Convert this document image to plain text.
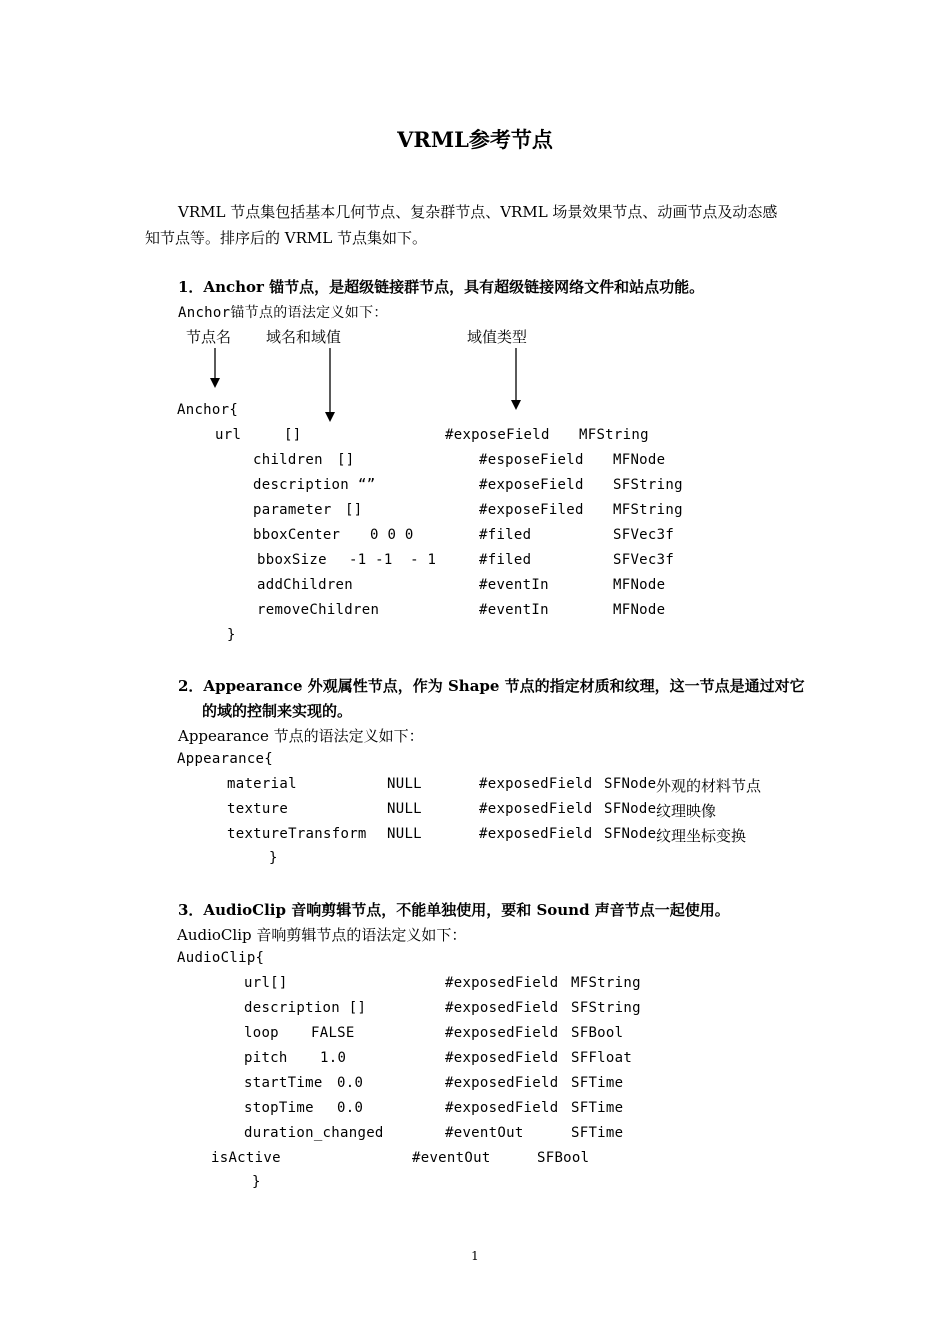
VRML参考节点
VRML 节点集包括基本几何节点、复杂群节点、VRML 场景效果节点、动画节点及动态感
知节点等。排序后的 VRML 节点集如下。
1．Anchor 锚节点，是超级链接群节点，具有超级链接网络文件和站点功能。
Anchor锚节点的语法定义如下：
节点名 域名和域值	域值类型
Anchor{
url	[]	#exposeField MFString
children []	#esposeField MFNode
description “”	#exposeField SFString
parameter []	#exposeFiled MFString
bboxCenter 0 0 0	#filed	SFVec3f
bboxSize -1 -1  - 1	#filed	SFVec3f
addChildren	#eventIn	MFNode
removeChildren	#eventIn	MFNode
}
2．Appearance 外观属性节点，作为 Shape 节点的指定材质和纹理，这一节点是通过对它
的域的控制来实现的。
Appearance 节点的语法定义如下：
Appearance{
material	NULL	#exposedField SFNode 外观的材料节点
texture	NULL	#exposedField SFNode 纹理映像
textureTransform NULL	#exposedField SFNode 纹理坐标变换
}
3．AudioClip 音响剪辑节点，不能单独使用，要和 Sound 声音节点一起使用。
AudioClip 音响剪辑节点的语法定义如下：
AudioClip{
url[]	#exposedField MFString
description []	#exposedField SFString
loop FALSE	#exposedField SFBool
pitch 1.0	#exposedField SFFloat
startTime 0.0	#exposedField SFTime
stopTime 0.0	#exposedField SFTime
duration_changed	#eventOut	SFTime
isActive	#eventOut	SFBool
}
1
